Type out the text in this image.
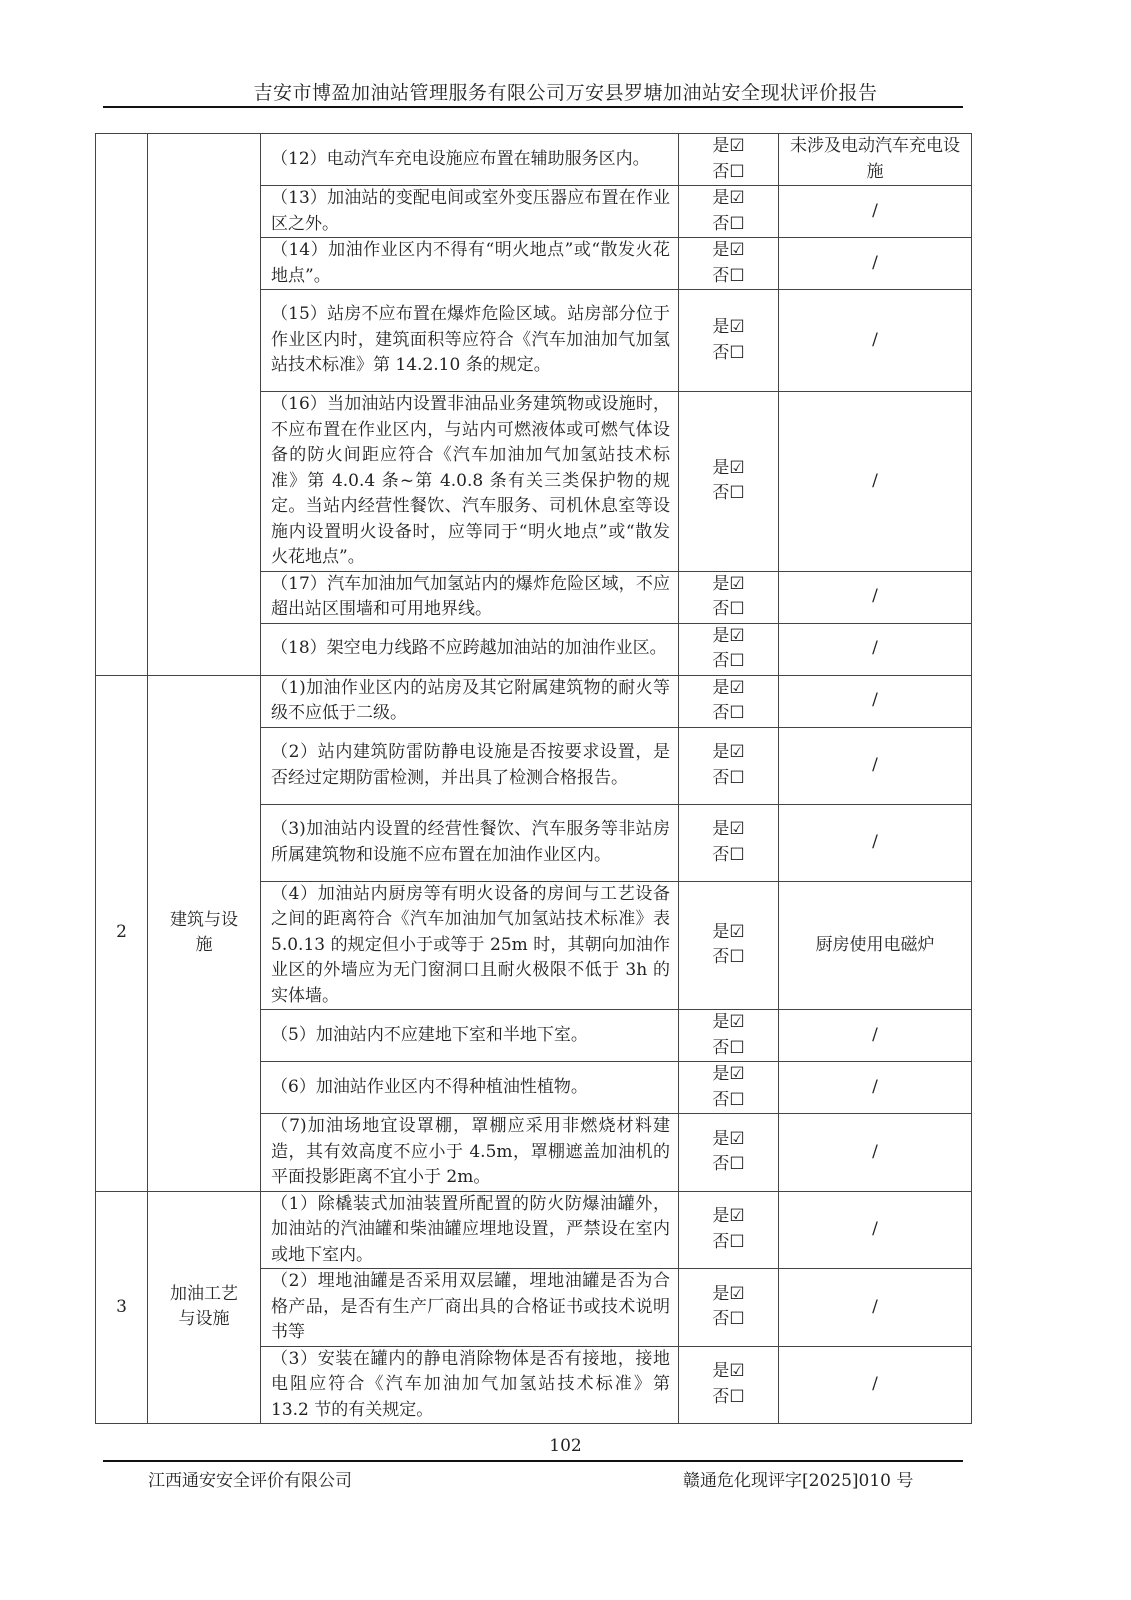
吉安市博盈加油站管理服务有限公司万安县罗塘加油站安全现状评价报告
		（12）电动汽车充电设施应布置在辅助服务区内。	是☑
否☐	未涉及电动汽车充电设施
		（13）加油站的变配电间或室外变压器应布置在作业区之外。	是☑
否☐	/
		（14）加油作业区内不得有“明火地点”或“散发火花地点”。	是☑
否☐	/
		（15）站房不应布置在爆炸危险区域。站房部分位于作业区内时，建筑面积等应符合《汽车加油加气加氢站技术标准》第 14.2.10 条的规定。	是☑
否☐	/
		（16）当加油站内设置非油品业务建筑物或设施时，不应布置在作业区内，与站内可燃液体或可燃气体设备的防火间距应符合《汽车加油加气加氢站技术标准》第 4.0.4 条~第 4.0.8 条有关三类保护物的规定。当站内经营性餐饮、汽车服务、司机休息室等设施内设置明火设备时，应等同于“明火地点”或“散发火花地点”。	是☑
否☐	/
		（17）汽车加油加气加氢站内的爆炸危险区域，不应超出站区围墙和可用地界线。	是☑
否☐	/
		（18）架空电力线路不应跨越加油站的加油作业区。	是☑
否☐	/
2	建筑与设施	（1)加油作业区内的站房及其它附属建筑物的耐火等级不应低于二级。	是☑
否☐	/
		（2）站内建筑防雷防静电设施是否按要求设置，是否经过定期防雷检测，并出具了检测合格报告。	是☑
否☐	/
		（3)加油站内设置的经营性餐饮、汽车服务等非站房所属建筑物和设施不应布置在加油作业区内。	是☑
否☐	/
		（4）加油站内厨房等有明火设备的房间与工艺设备之间的距离符合《汽车加油加气加氢站技术标准》表 5.0.13 的规定但小于或等于 25m 时，其朝向加油作业区的外墙应为无门窗洞口且耐火极限不低于 3h 的实体墙。	是☑
否☐	厨房使用电磁炉
		（5）加油站内不应建地下室和半地下室。	是☑
否☐	/
		（6）加油站作业区内不得种植油性植物。	是☑
否☐	/
		（7)加油场地宜设罩棚，罩棚应采用非燃烧材料建造，其有效高度不应小于 4.5m，罩棚遮盖加油机的平面投影距离不宜小于 2m。	是☑
否☐	/
3	加油工艺与设施	（1）除橇装式加油装置所配置的防火防爆油罐外，加油站的汽油罐和柴油罐应埋地设置，严禁设在室内或地下室内。	是☑
否☐	/
		（2）埋地油罐是否采用双层罐，埋地油罐是否为合格产品，是否有生产厂商出具的合格证书或技术说明书等	是☑
否☐	/
		（3）安装在罐内的静电消除物体是否有接地，接地电阻应符合《汽车加油加气加氢站技术标准》第 13.2 节的有关规定。	是☑
否☐	/
102
江西通安安全评价有限公司	赣通危化现评字[2025]010 号
